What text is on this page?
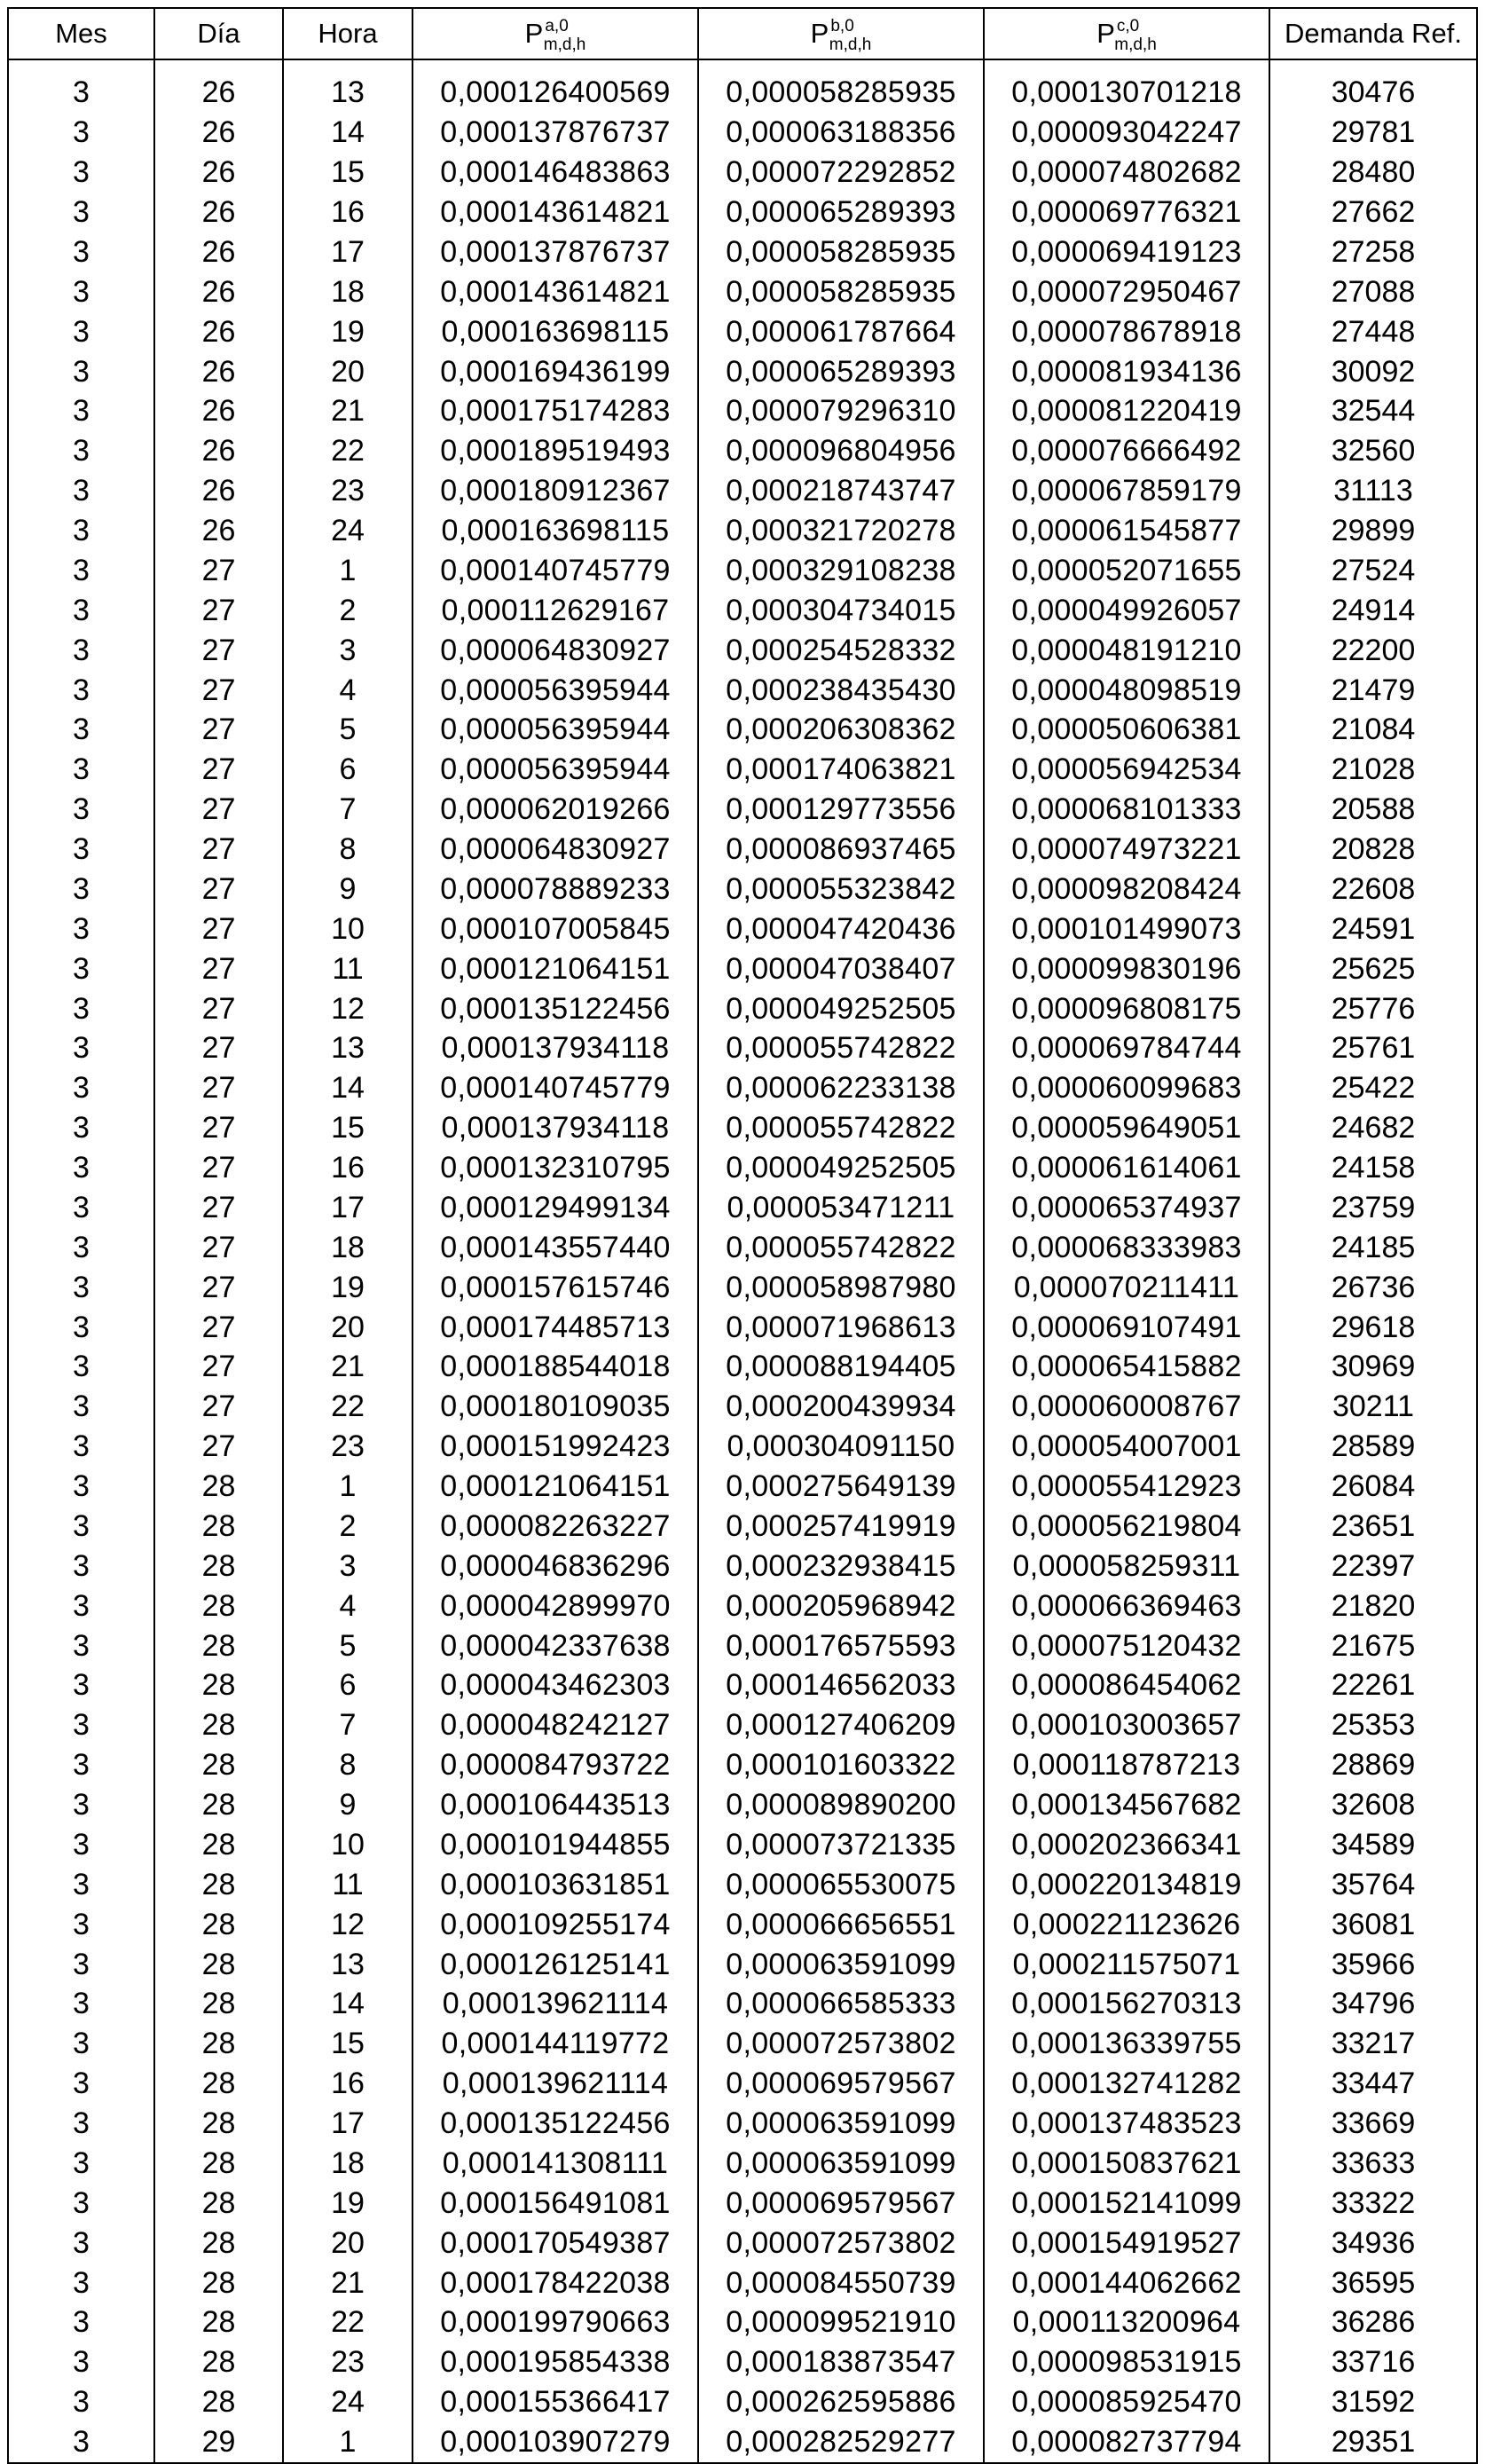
Mes	Día	Hora	P $^{a,0}_{m,d,h}$	P $^{b,0}_{m,d,h}$	P $^{c,0}_{m,d,h}$	Demanda Ref.

3	26	13	0,000126400569	0,000058285935	0,000130701218	30476
3	26	14	0,000137876737	0,000063188356	0,000093042247	29781
3	26	15	0,000146483863	0,000072292852	0,000074802682	28480
3	26	16	0,000143614821	0,000065289393	0,000069776321	27662
3	26	17	0,000137876737	0,000058285935	0,000069419123	27258
3	26	18	0,000143614821	0,000058285935	0,000072950467	27088
3	26	19	0,000163698115	0,000061787664	0,000078678918	27448
3	26	20	0,000169436199	0,000065289393	0,000081934136	30092
3	26	21	0,000175174283	0,000079296310	0,000081220419	32544
3	26	22	0,000189519493	0,000096804956	0,000076666492	32560
3	26	23	0,000180912367	0,000218743747	0,000067859179	31113
3	26	24	0,000163698115	0,000321720278	0,000061545877	29899
3	27	1	0,000140745779	0,000329108238	0,000052071655	27524
3	27	2	0,000112629167	0,000304734015	0,000049926057	24914
3	27	3	0,000064830927	0,000254528332	0,000048191210	22200
3	27	4	0,000056395944	0,000238435430	0,000048098519	21479
3	27	5	0,000056395944	0,000206308362	0,000050606381	21084
3	27	6	0,000056395944	0,000174063821	0,000056942534	21028
3	27	7	0,000062019266	0,000129773556	0,000068101333	20588
3	27	8	0,000064830927	0,000086937465	0,000074973221	20828
3	27	9	0,000078889233	0,000055323842	0,000098208424	22608
3	27	10	0,000107005845	0,000047420436	0,000101499073	24591
3	27	11	0,000121064151	0,000047038407	0,000099830196	25625
3	27	12	0,000135122456	0,000049252505	0,000096808175	25776
3	27	13	0,000137934118	0,000055742822	0,000069784744	25761
3	27	14	0,000140745779	0,000062233138	0,000060099683	25422
3	27	15	0,000137934118	0,000055742822	0,000059649051	24682
3	27	16	0,000132310795	0,000049252505	0,000061614061	24158
3	27	17	0,000129499134	0,000053471211	0,000065374937	23759
3	27	18	0,000143557440	0,000055742822	0,000068333983	24185
3	27	19	0,000157615746	0,000058987980	0,000070211411	26736
3	27	20	0,000174485713	0,000071968613	0,000069107491	29618
3	27	21	0,000188544018	0,000088194405	0,000065415882	30969
3	27	22	0,000180109035	0,000200439934	0,000060008767	30211
3	27	23	0,000151992423	0,000304091150	0,000054007001	28589
3	28	1	0,000121064151	0,000275649139	0,000055412923	26084
3	28	2	0,000082263227	0,000257419919	0,000056219804	23651
3	28	3	0,000046836296	0,000232938415	0,000058259311	22397
3	28	4	0,000042899970	0,000205968942	0,000066369463	21820
3	28	5	0,000042337638	0,000176575593	0,000075120432	21675
3	28	6	0,000043462303	0,000146562033	0,000086454062	22261
3	28	7	0,000048242127	0,000127406209	0,000103003657	25353
3	28	8	0,000084793722	0,000101603322	0,000118787213	28869
3	28	9	0,000106443513	0,000089890200	0,000134567682	32608
3	28	10	0,000101944855	0,000073721335	0,000202366341	34589
3	28	11	0,000103631851	0,000065530075	0,000220134819	35764
3	28	12	0,000109255174	0,000066656551	0,000221123626	36081
3	28	13	0,000126125141	0,000063591099	0,000211575071	35966
3	28	14	0,000139621114	0,000066585333	0,000156270313	34796
3	28	15	0,000144119772	0,000072573802	0,000136339755	33217
3	28	16	0,000139621114	0,000069579567	0,000132741282	33447
3	28	17	0,000135122456	0,000063591099	0,000137483523	33669
3	28	18	0,000141308111	0,000063591099	0,000150837621	33633
3	28	19	0,000156491081	0,000069579567	0,000152141099	33322
3	28	20	0,000170549387	0,000072573802	0,000154919527	34936
3	28	21	0,000178422038	0,000084550739	0,000144062662	36595
3	28	22	0,000199790663	0,000099521910	0,000113200964	36286
3	28	23	0,000195854338	0,000183873547	0,000098531915	33716
3	28	24	0,000155366417	0,000262595886	0,000085925470	31592
3	29	1	0,000103907279	0,000282529277	0,000082737794	29351
